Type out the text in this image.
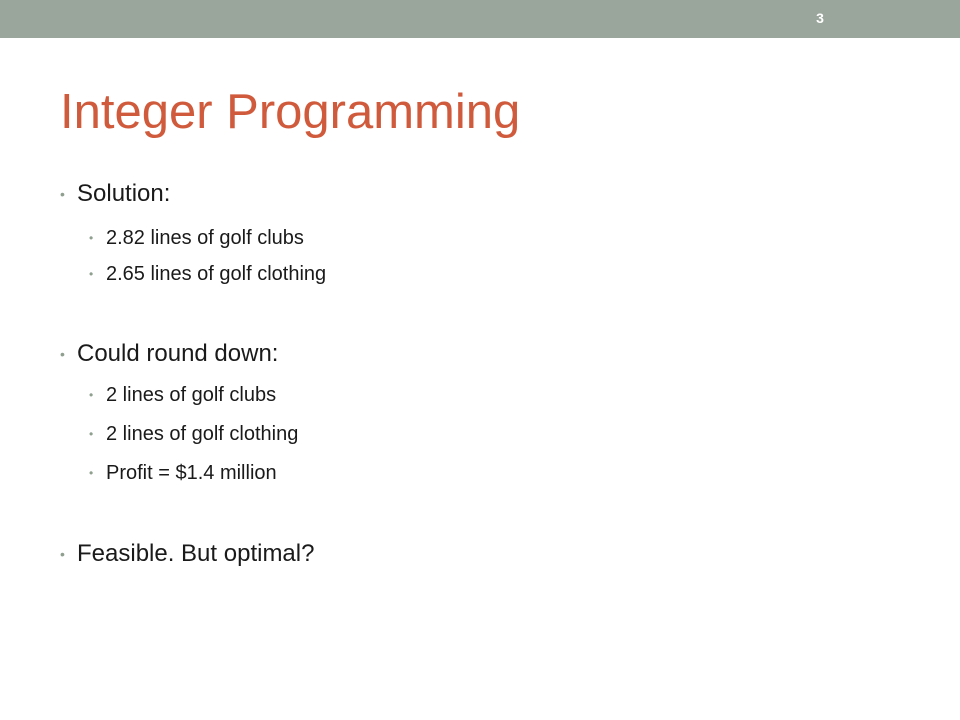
3
Integer Programming
• Solution:
• 2.82 lines of golf clubs
• 2.65 lines of golf clothing
• Could round down:
• 2 lines of golf clubs
• 2 lines of golf clothing
• Profit = $1.4 million
• Feasible. But optimal?
